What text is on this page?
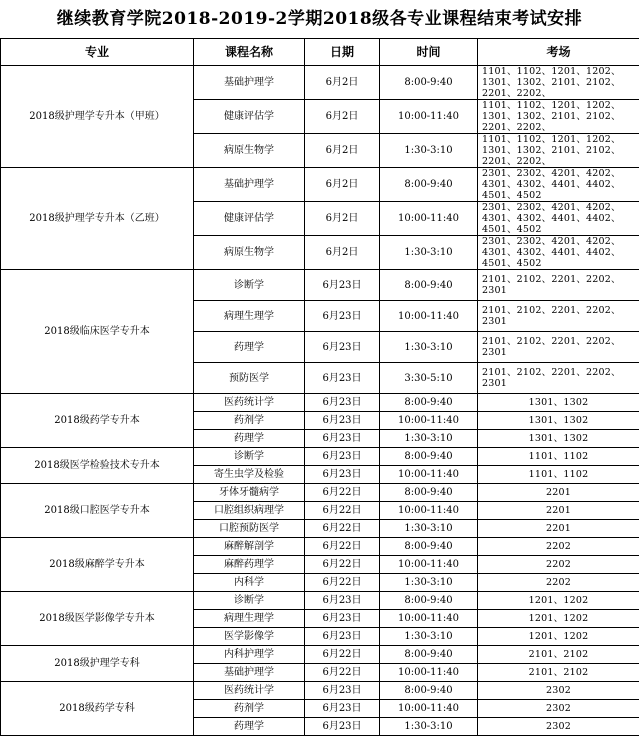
继续教育学院2018-2019-2学期2018级各专业课程结束考试安排
专业	课程名称	日期	时间	考场
2018级护理学专升本（甲班）	基础护理学	6月2日	8:00-9:40	1101、1102、1201、1202、1301、1302、2101、2102、2201、2202、
	健康评估学	6月2日	10:00-11:40	1101、1102、1201、1202、1301、1302、2101、2102、2201、2202、
	病原生物学	6月2日	1:30-3:10	1101、1102、1201、1202、1301、1302、2101、2102、2201、2202、
2018级护理学专升本（乙班）	基础护理学	6月2日	8:00-9:40	2301、2302、4201、4202、4301、4302、4401、4402、4501、4502
	健康评估学	6月2日	10:00-11:40	2301、2302、4201、4202、4301、4302、4401、4402、4501、4502
	病原生物学	6月2日	1:30-3:10	2301、2302、4201、4202、4301、4302、4401、4402、4501、4502
2018级临床医学专升本	诊断学	6月23日	8:00-9:40	2101、2102、2201、2202、2301
	病理生理学	6月23日	10:00-11:40	2101、2102、2201、2202、2301
	药理学	6月23日	1:30-3:10	2101、2102、2201、2202、2301
	预防医学	6月23日	3:30-5:10	2101、2102、2201、2202、2301
2018级药学专升本	医药统计学	6月23日	8:00-9:40	1301、1302
	药剂学	6月23日	10:00-11:40	1301、1302
	药理学	6月23日	1:30-3:10	1301、1302
2018级医学检验技术专升本	诊断学	6月23日	8:00-9:40	1101、1102
	寄生虫学及检验	6月23日	10:00-11:40	1101、1102
2018级口腔医学专升本	牙体牙髓病学	6月22日	8:00-9:40	2201
	口腔组织病理学	6月22日	10:00-11:40	2201
	口腔预防医学	6月22日	1:30-3:10	2201
2018级麻醉学专升本	麻醉解剖学	6月22日	8:00-9:40	2202
	麻醉药理学	6月22日	10:00-11:40	2202
	内科学	6月22日	1:30-3:10	2202
2018级医学影像学专升本	诊断学	6月23日	8:00-9:40	1201、1202
	病理生理学	6月23日	10:00-11:40	1201、1202
	医学影像学	6月23日	1:30-3:10	1201、1202
2018级护理学专科	内科护理学	6月22日	8:00-9:40	2101、2102
	基础护理学	6月22日	10:00-11:40	2101、2102
2018级药学专科	医药统计学	6月23日	8:00-9:40	2302
	药剂学	6月23日	10:00-11:40	2302
	药理学	6月23日	1:30-3:10	2302
